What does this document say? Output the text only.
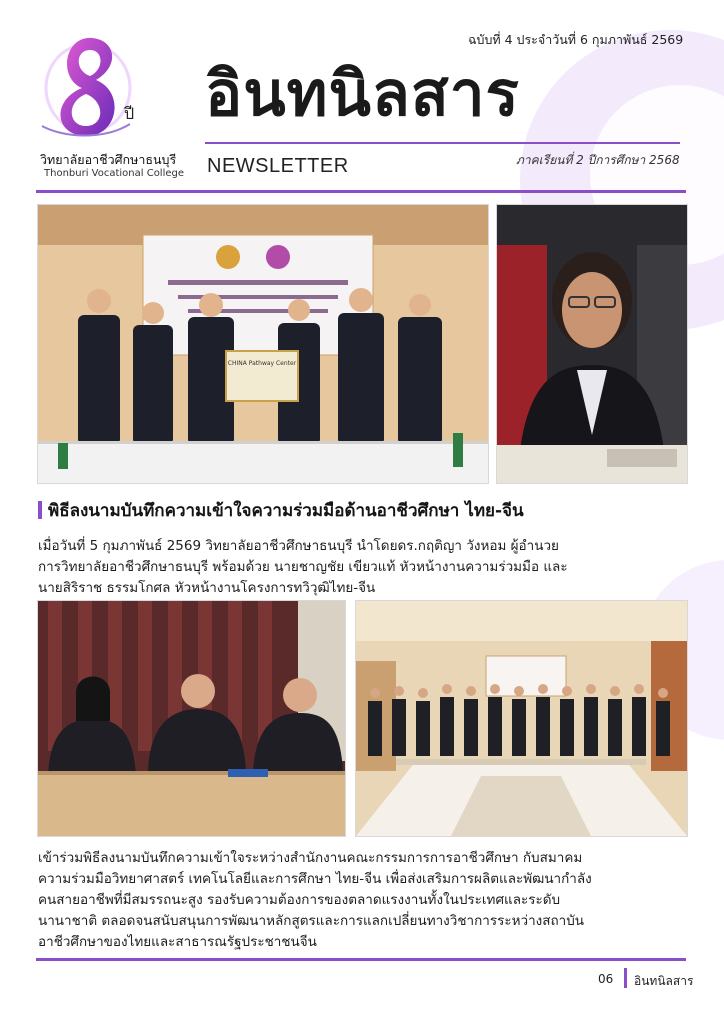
ฉบับที่ 4 ประจำวันที่ 6 กุมภาพันธ์ 2569
ปี
วิทยาลัยอาชีวศึกษาธนบุรี
Thonburi Vocational College
อินทนิลสาร
NEWSLETTER	ภาคเรียนที่ 2 ปีการศึกษา 2568
CHINA Pathway Center
พิธีลงนามบันทึกความเข้าใจความร่วมมือด้านอาชีวศึกษา ไทย-จีน
เมื่อวันที่ 5 กุมภาพันธ์ 2569 วิทยาลัยอาชีวศึกษาธนบุรี นำโดยดร.กฤติญา วังหอม ผู้อำนวย
การวิทยาลัยอาชีวศึกษาธนบุรี พร้อมด้วย นายชาญชัย เขียวแท้ หัวหน้างานความร่วมมือ และ
นายสิริราช ธรรมโกศล หัวหน้างานโครงการทวิวุฒิไทย-จีน
เข้าร่วมพิธีลงนามบันทึกความเข้าใจระหว่างสำนักงานคณะกรรมการการอาชีวศึกษา กับสมาคม
ความร่วมมือวิทยาศาสตร์ เทคโนโลยีและการศึกษา ไทย-จีน เพื่อส่งเสริมการผลิตและพัฒนากำลัง
คนสายอาชีพที่มีสมรรถนะสูง รองรับความต้องการของตลาดแรงงานทั้งในประเทศและระดับ
นานาชาติ ตลอดจนสนับสนุนการพัฒนาหลักสูตรและการแลกเปลี่ยนทางวิชาการระหว่างสถาบัน
อาชีวศึกษาของไทยและสาธารณรัฐประชาชนจีน
06 อินทนิลสาร
